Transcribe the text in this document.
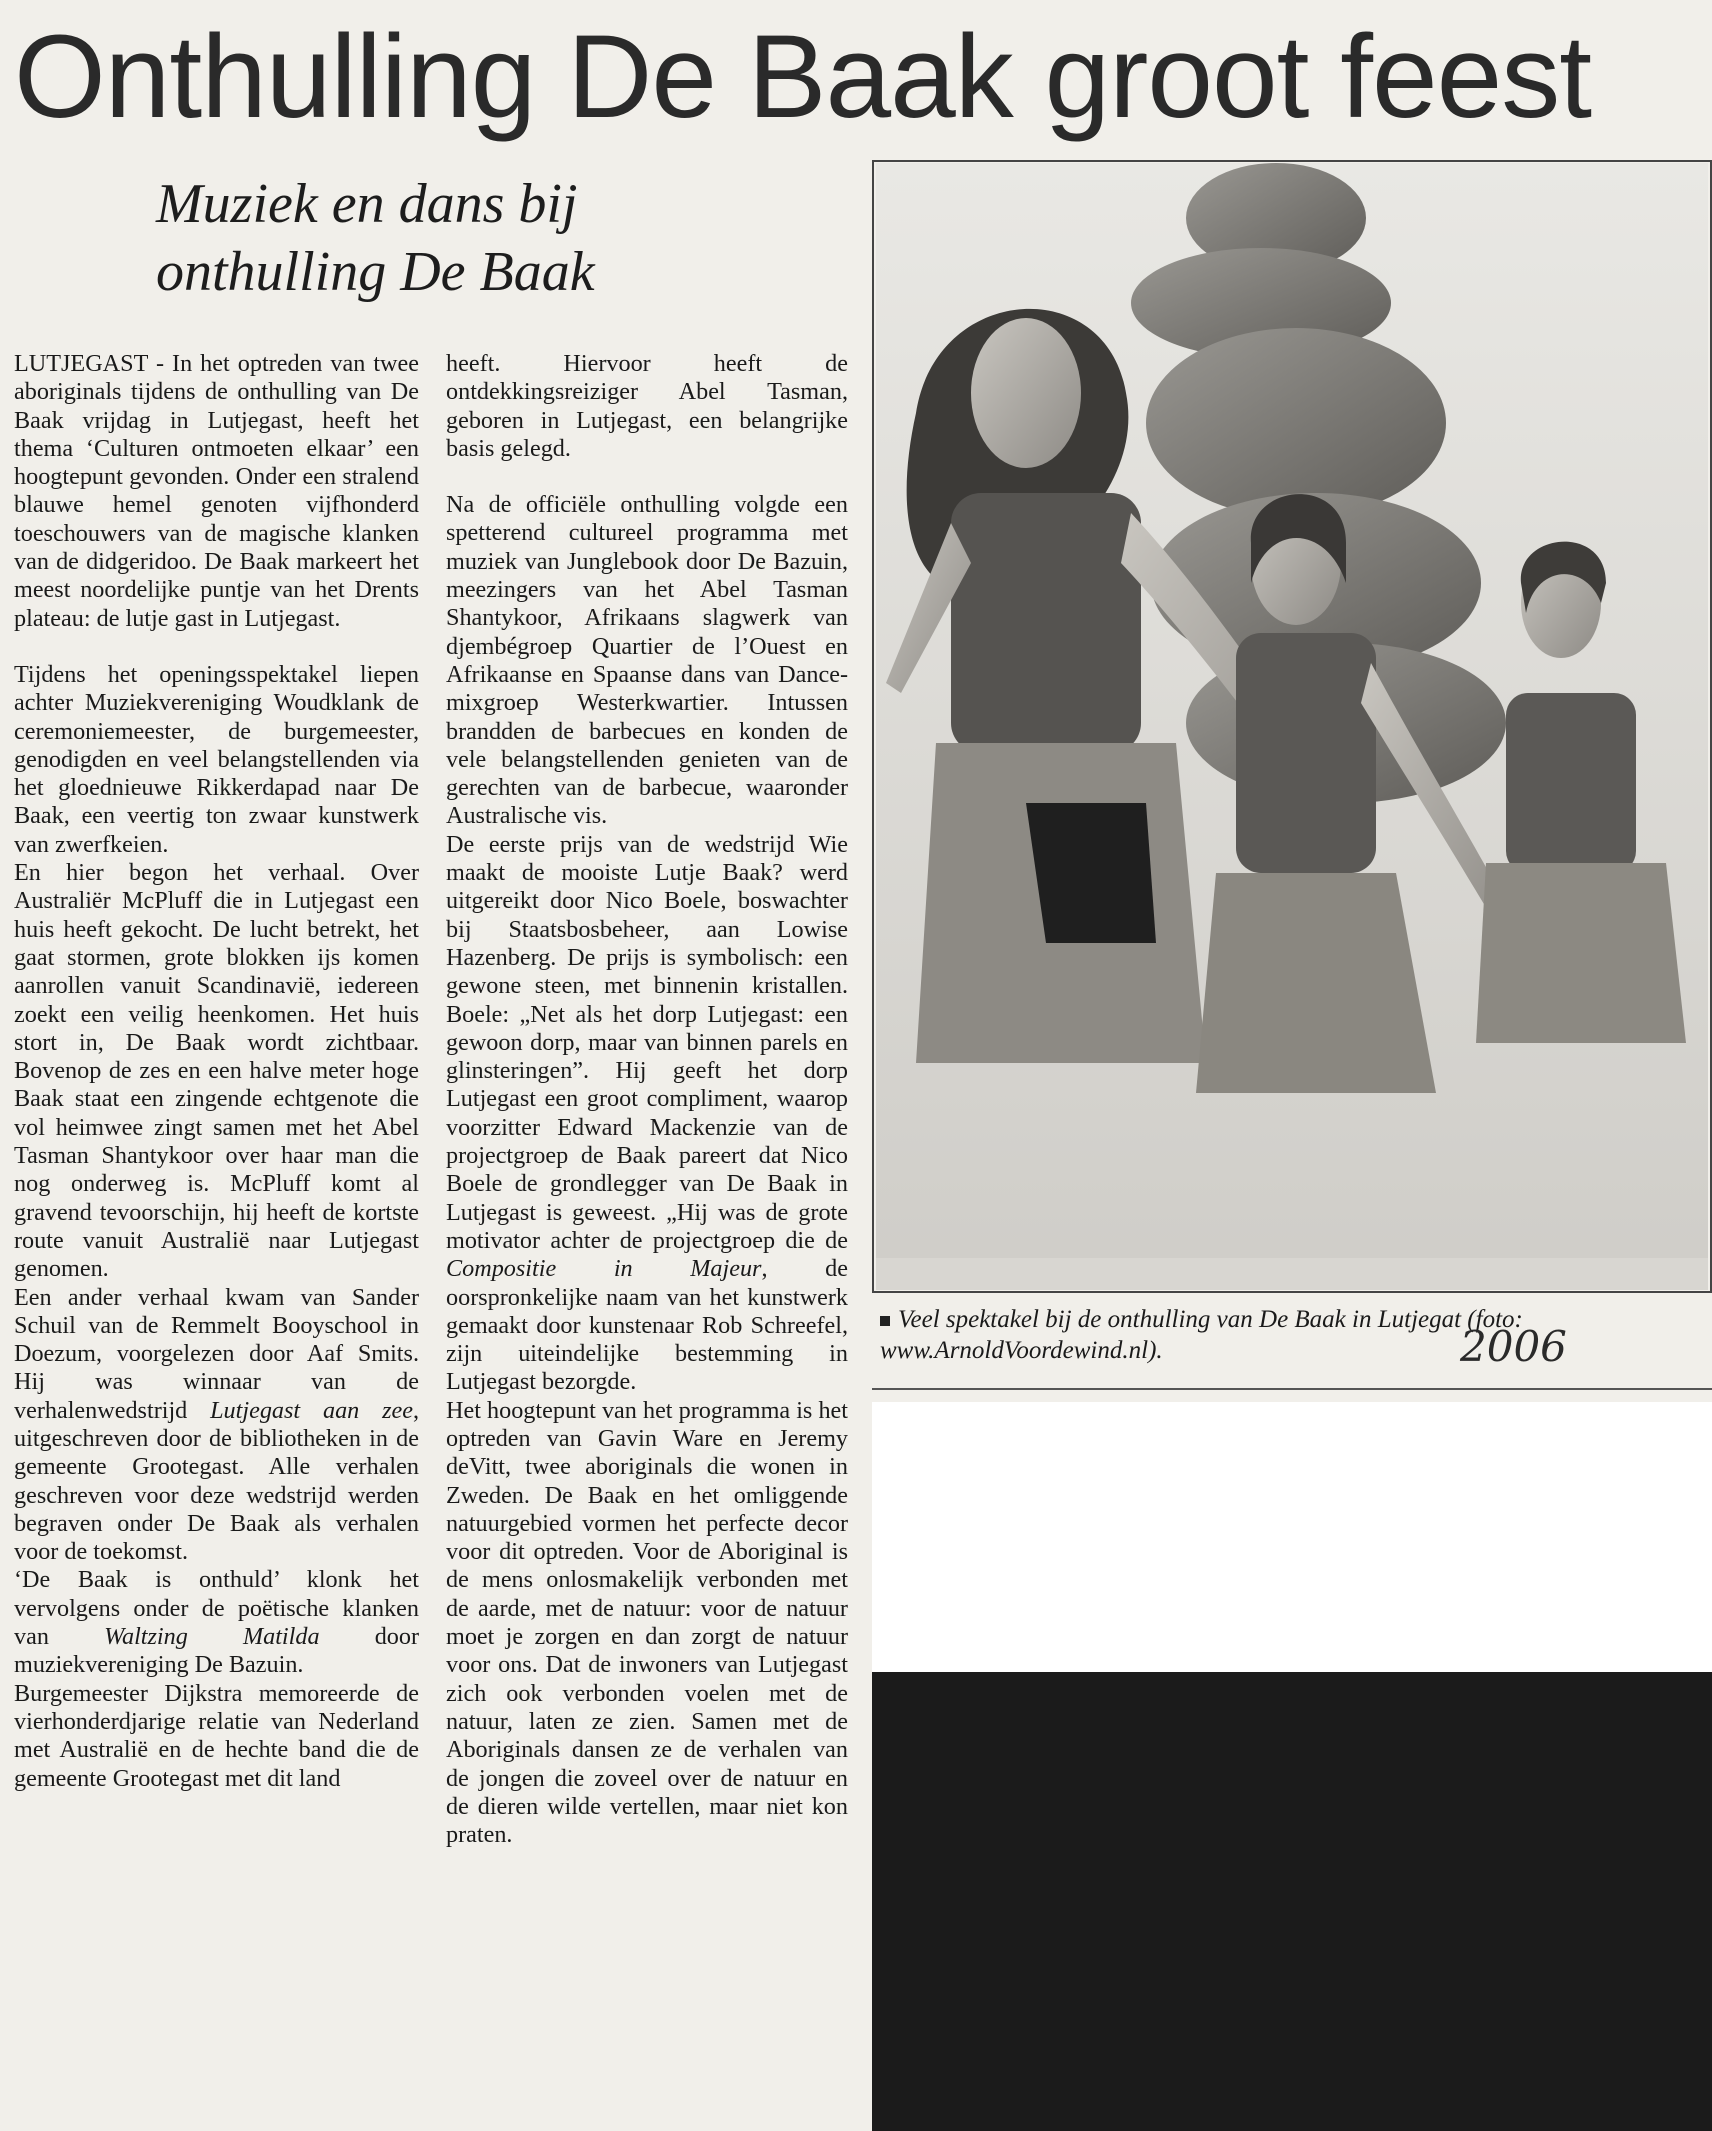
Onthulling De Baak groot feest
Muziek en dans bij onthulling De Baak

LUTJEGAST - In het optreden van twee aboriginals tijdens de onthulling van De Baak vrijdag in Lutjegast, heeft het thema ‘Culturen ontmoeten elkaar’ een hoogtepunt gevonden. Onder een stralend blauwe hemel genoten vijfhonderd toeschouwers van de magische klanken van de didgeridoo. De Baak markeert het meest noordelijke puntje van het Drents plateau: de lutje gast in Lutjegast.

Tijdens het openingsspektakel liepen achter Muziekvereniging Woudklank de ceremoniemeester, de burgemeester, genodigden en veel belangstellenden via het gloednieuwe Rikkerdapad naar De Baak, een veertig ton zwaar kunstwerk van zwerfkeien.

En hier begon het verhaal. Over Australiër McPluff die in Lutjegast een huis heeft gekocht. De lucht betrekt, het gaat stormen, grote blokken ijs komen aanrollen vanuit Scandinavië, iedereen zoekt een veilig heenkomen. Het huis stort in, De Baak wordt zichtbaar. Bovenop de zes en een halve meter hoge Baak staat een zingende echtgenote die vol heimwee zingt samen met het Abel Tasman Shantykoor over haar man die nog onderweg is. McPluff komt al gravend tevoorschijn, hij heeft de kortste route vanuit Australië naar Lutjegast genomen.

Een ander verhaal kwam van Sander Schuil van de Remmelt Booyschool in Doezum, voorgelezen door Aaf Smits. Hij was winnaar van de verhalenwedstrijd Lutjegast aan zee, uitgeschreven door de bibliotheken in de gemeente Grootegast. Alle verhalen geschreven voor deze wedstrijd werden begraven onder De Baak als verhalen voor de toekomst.

‘De Baak is onthuld’ klonk het vervolgens onder de poëtische klanken van Waltzing Matilda door muziekvereniging De Bazuin.

Burgemeester Dijkstra memoreerde de vierhonderdjarige relatie van Nederland met Australië en de hechte band die de gemeente Grootegast met dit land

heeft. Hiervoor heeft de ontdekkingsreiziger Abel Tasman, geboren in Lutjegast, een belangrijke basis gelegd.

Na de officiële onthulling volgde een spetterend cultureel programma met muziek van Junglebook door De Bazuin, meezingers van het Abel Tasman Shantykoor, Afrikaans slagwerk van djembégroep Quartier de l’Ouest en Afrikaanse en Spaanse dans van Dance-mixgroep Westerkwartier. Intussen brandden de barbecues en konden de vele belangstellenden genieten van de gerechten van de barbecue, waaronder Australische vis.

De eerste prijs van de wedstrijd Wie maakt de mooiste Lutje Baak? werd uitgereikt door Nico Boele, boswachter bij Staatsbosbeheer, aan Lowise Hazenberg. De prijs is symbolisch: een gewone steen, met binnenin kristallen. Boele: „Net als het dorp Lutjegast: een gewoon dorp, maar van binnen parels en glinsteringen”. Hij geeft het dorp Lutjegast een groot compliment, waarop voorzitter Edward Mackenzie van de projectgroep de Baak pareert dat Nico Boele de grondlegger van De Baak in Lutjegast is geweest. „Hij was de grote motivator achter de projectgroep die de Compositie in Majeur, de oorspronkelijke naam van het kunstwerk gemaakt door kunstenaar Rob Schreefel, zijn uiteindelijke bestemming in Lutjegast bezorgde.

Het hoogtepunt van het programma is het optreden van Gavin Ware en Jeremy deVitt, twee aboriginals die wonen in Zweden. De Baak en het omliggende natuurgebied vormen het perfecte decor voor dit optreden. Voor de Aboriginal is de mens onlosmakelijk verbonden met de aarde, met de natuur: voor de natuur moet je zorgen en dan zorgt de natuur voor ons. Dat de inwoners van Lutjegast zich ook verbonden voelen met de natuur, laten ze zien. Samen met de Aboriginals dansen ze de verhalen van de jongen die zoveel over de natuur en de dieren wilde vertellen, maar niet kon praten.

Veel spektakel bij de onthulling van De Baak in Lutjegat (foto: www.ArnoldVoordewind.nl).	2006
